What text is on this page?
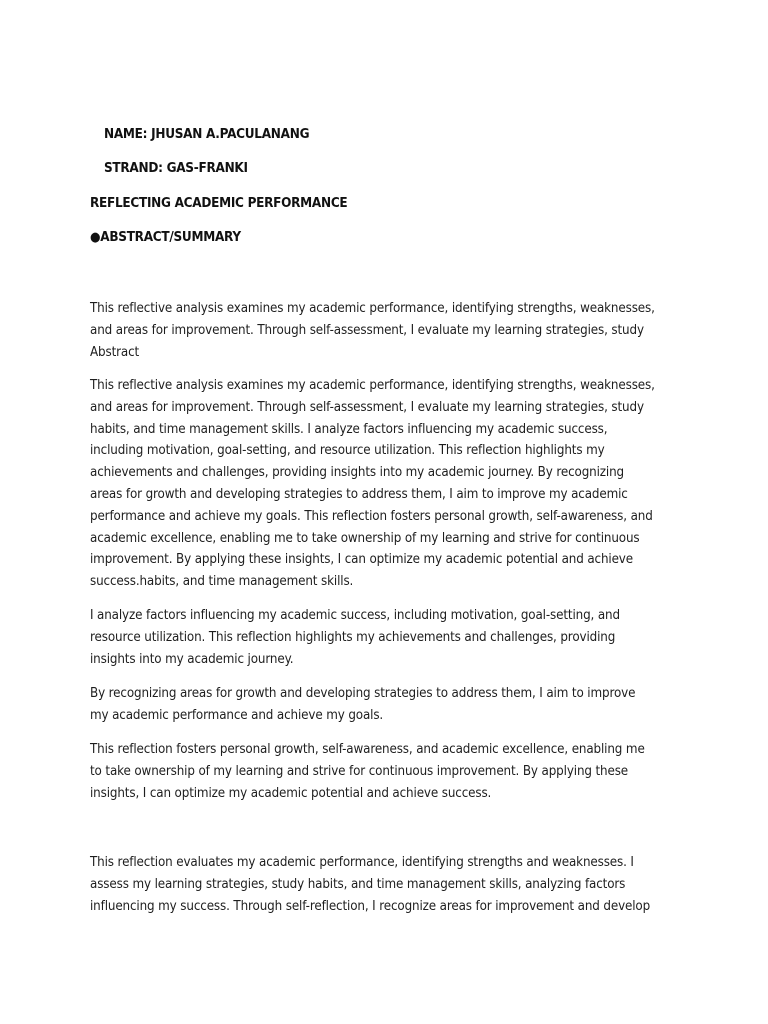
NAME: JHUSAN A.PACULANANG
STRAND: GAS-FRANKI
REFLECTING ACADEMIC PERFORMANCE
●ABSTRACT/SUMMARY
This reflective analysis examines my academic performance, identifying strengths, weaknesses,
and areas for improvement. Through self-assessment, I evaluate my learning strategies, study
Abstract
This reflective analysis examines my academic performance, identifying strengths, weaknesses,
and areas for improvement. Through self-assessment, I evaluate my learning strategies, study
habits, and time management skills. I analyze factors influencing my academic success,
including motivation, goal-setting, and resource utilization. This reflection highlights my
achievements and challenges, providing insights into my academic journey. By recognizing
areas for growth and developing strategies to address them, I aim to improve my academic
performance and achieve my goals. This reflection fosters personal growth, self-awareness, and
academic excellence, enabling me to take ownership of my learning and strive for continuous
improvement. By applying these insights, I can optimize my academic potential and achieve
success.habits, and time management skills.
I analyze factors influencing my academic success, including motivation, goal-setting, and
resource utilization. This reflection highlights my achievements and challenges, providing
insights into my academic journey.
By recognizing areas for growth and developing strategies to address them, I aim to improve
my academic performance and achieve my goals.
This reflection fosters personal growth, self-awareness, and academic excellence, enabling me
to take ownership of my learning and strive for continuous improvement. By applying these
insights, I can optimize my academic potential and achieve success.
This reflection evaluates my academic performance, identifying strengths and weaknesses. I
assess my learning strategies, study habits, and time management skills, analyzing factors
influencing my success. Through self-reflection, I recognize areas for improvement and develop
